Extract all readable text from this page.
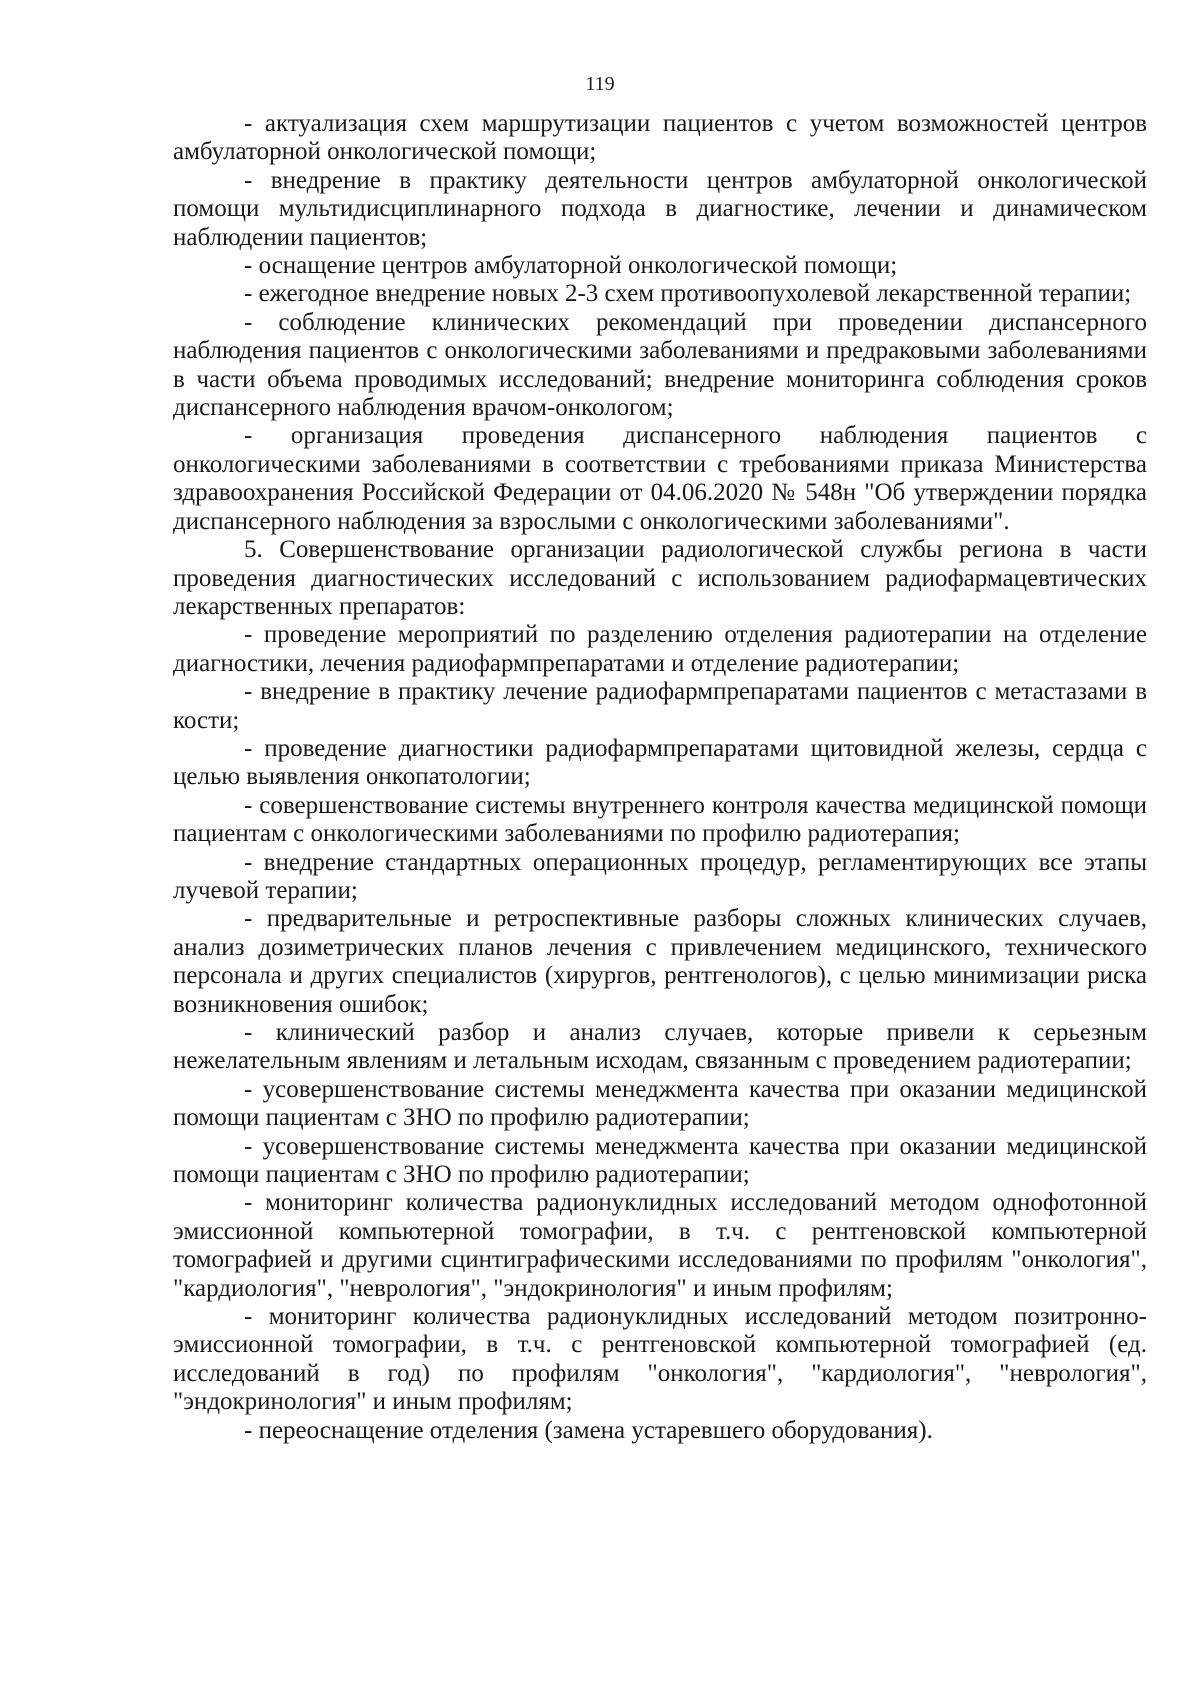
119

- актуализация схем маршрутизации пациентов с учетом возможностей центров амбулаторной онкологической помощи;

- внедрение в практику деятельности центров амбулаторной онкологической помощи мультидисциплинарного подхода в диагностике, лечении и динамическом наблюдении пациентов;

- оснащение центров амбулаторной онкологической помощи;

- ежегодное внедрение новых 2-3 схем противоопухолевой лекарственной терапии;

- соблюдение клинических рекомендаций при проведении диспансерного наблюдения пациентов с онкологическими заболеваниями и предраковыми заболеваниями в части объема проводимых исследований; внедрение мониторинга соблюдения сроков диспансерного наблюдения врачом-онкологом;

- организация проведения диспансерного наблюдения пациентов с онкологическими заболеваниями в соответствии с требованиями приказа Министерства здравоохранения Российской Федерации от 04.06.2020 № 548н "Об утверждении порядка диспансерного наблюдения за взрослыми с онкологическими заболеваниями".

5. Совершенствование организации радиологической службы региона в части проведения диагностических исследований с использованием радиофармацевтических лекарственных препаратов:

- проведение мероприятий по разделению отделения радиотерапии на отделение диагностики, лечения радиофармпрепаратами и отделение радиотерапии;

- внедрение в практику лечение радиофармпрепаратами пациентов с метастазами в кости;

- проведение диагностики радиофармпрепаратами щитовидной железы, сердца с целью выявления онкопатологии;

- совершенствование системы внутреннего контроля качества медицинской помощи пациентам с онкологическими заболеваниями по профилю радиотерапия;

- внедрение стандартных операционных процедур, регламентирующих все этапы лучевой терапии;

- предварительные и ретроспективные разборы сложных клинических случаев, анализ дозиметрических планов лечения с привлечением медицинского, технического персонала и других специалистов (хирургов, рентгенологов), с целью минимизации риска возникновения ошибок;

- клинический разбор и анализ случаев, которые привели к серьезным нежелательным явлениям и летальным исходам, связанным с проведением радиотерапии;

- усовершенствование системы менеджмента качества при оказании медицинской помощи пациентам с ЗНО по профилю радиотерапии;

- усовершенствование системы менеджмента качества при оказании медицинской помощи пациентам с ЗНО по профилю радиотерапии;

- мониторинг количества радионуклидных исследований методом однофотонной эмиссионной компьютерной томографии, в т.ч. с рентгеновской компьютерной томографией и другими сцинтиграфическими исследованиями по профилям "онкология", "кардиология", "неврология", "эндокринология" и иным профилям;

- мониторинг количества радионуклидных исследований методом позитронно-эмиссионной томографии, в т.ч. с рентгеновской компьютерной томографией (ед. исследований в год) по профилям "онкология", "кардиология", "неврология", "эндокринология" и иным профилям;

- переоснащение отделения (замена устаревшего оборудования).
